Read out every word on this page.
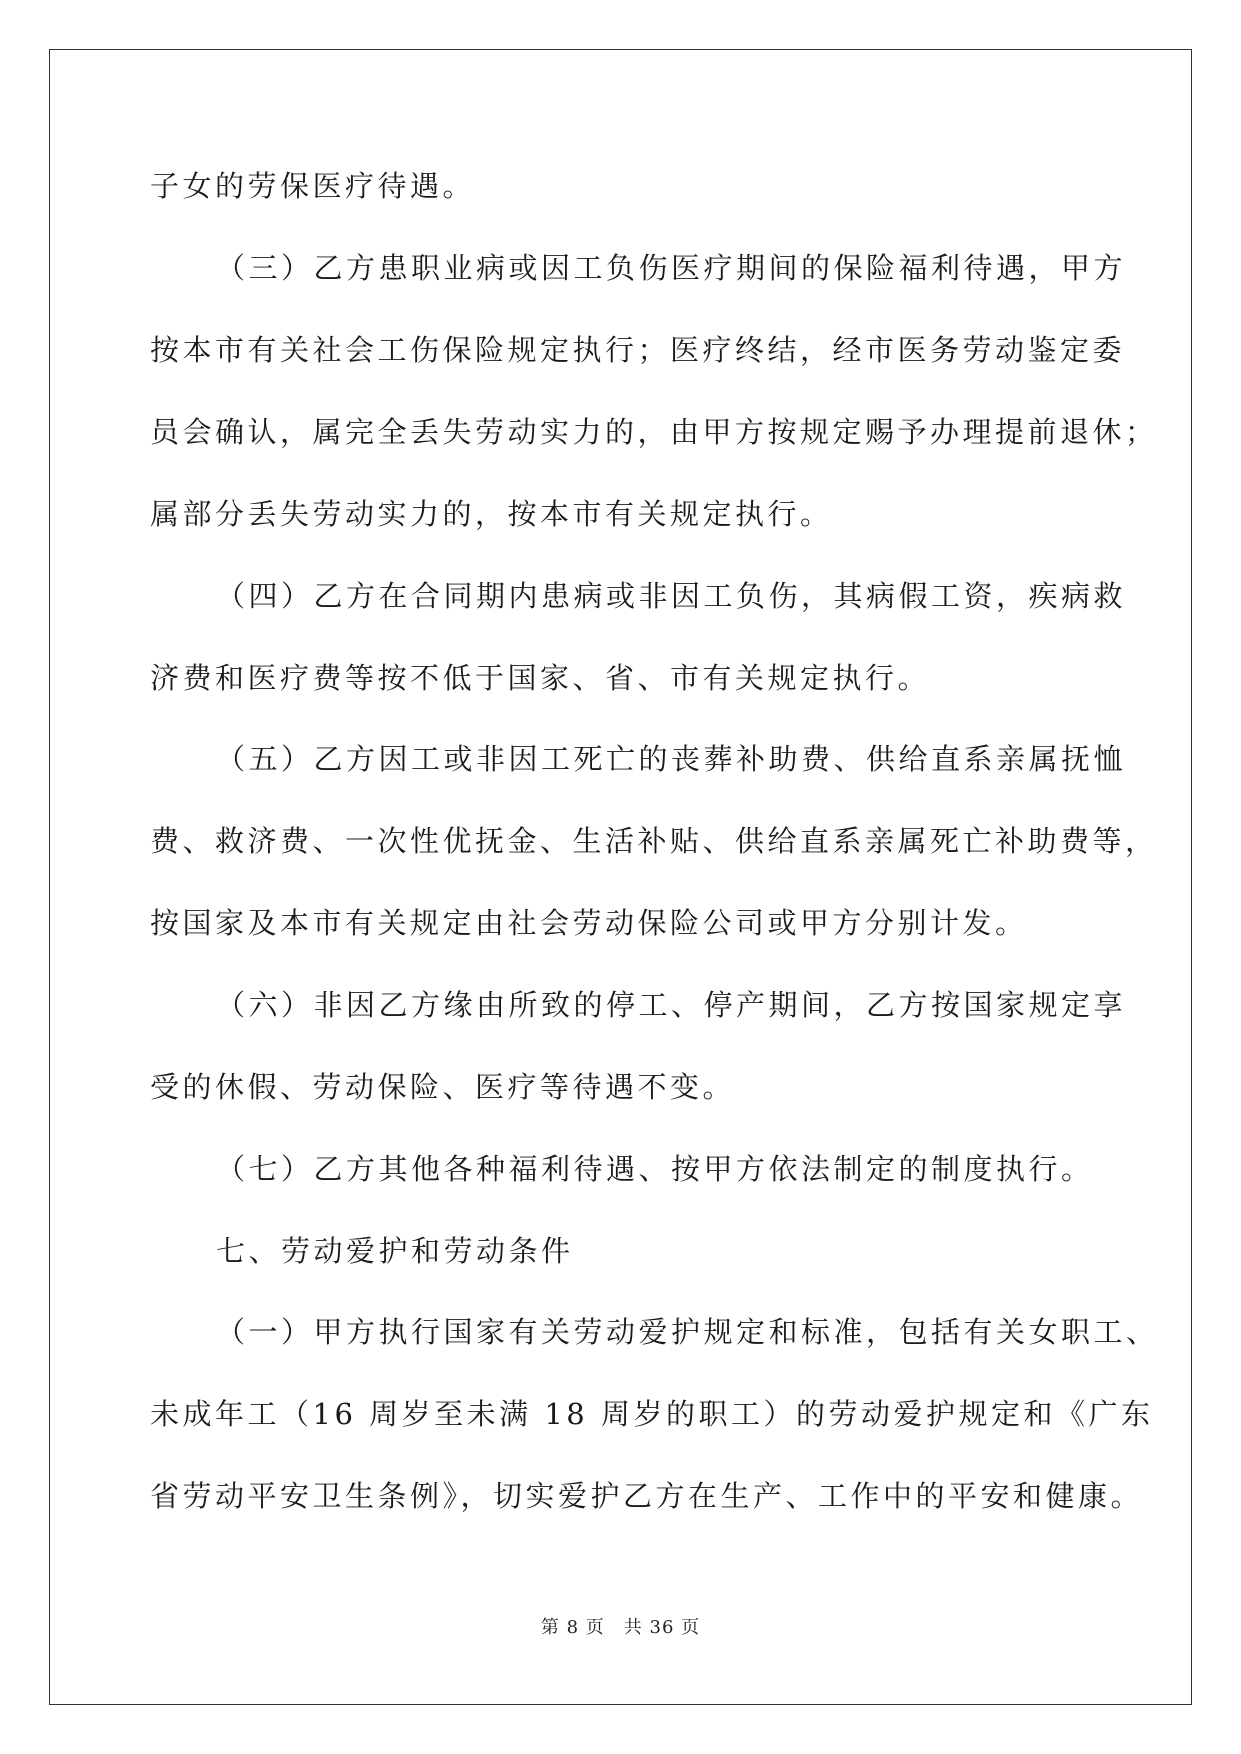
子女的劳保医疗待遇。
（三）乙方患职业病或因工负伤医疗期间的保险福利待遇，甲方
按本市有关社会工伤保险规定执行；医疗终结，经市医务劳动鉴定委
员会确认，属完全丢失劳动实力的，由甲方按规定赐予办理提前退休；
属部分丢失劳动实力的，按本市有关规定执行。
（四）乙方在合同期内患病或非因工负伤，其病假工资，疾病救
济费和医疗费等按不低于国家、省、市有关规定执行。
（五）乙方因工或非因工死亡的丧葬补助费、供给直系亲属抚恤
费、救济费、一次性优抚金、生活补贴、供给直系亲属死亡补助费等，
按国家及本市有关规定由社会劳动保险公司或甲方分别计发。
（六）非因乙方缘由所致的停工、停产期间，乙方按国家规定享
受的休假、劳动保险、医疗等待遇不变。
（七）乙方其他各种福利待遇、按甲方依法制定的制度执行。
七、劳动爱护和劳动条件
（一）甲方执行国家有关劳动爱护规定和标准，包括有关女职工、
未成年工（16 周岁至未满 18 周岁的职工）的劳动爱护规定和《广东
省劳动平安卫生条例》，切实爱护乙方在生产、工作中的平安和健康。
第 8 页　共 36 页
